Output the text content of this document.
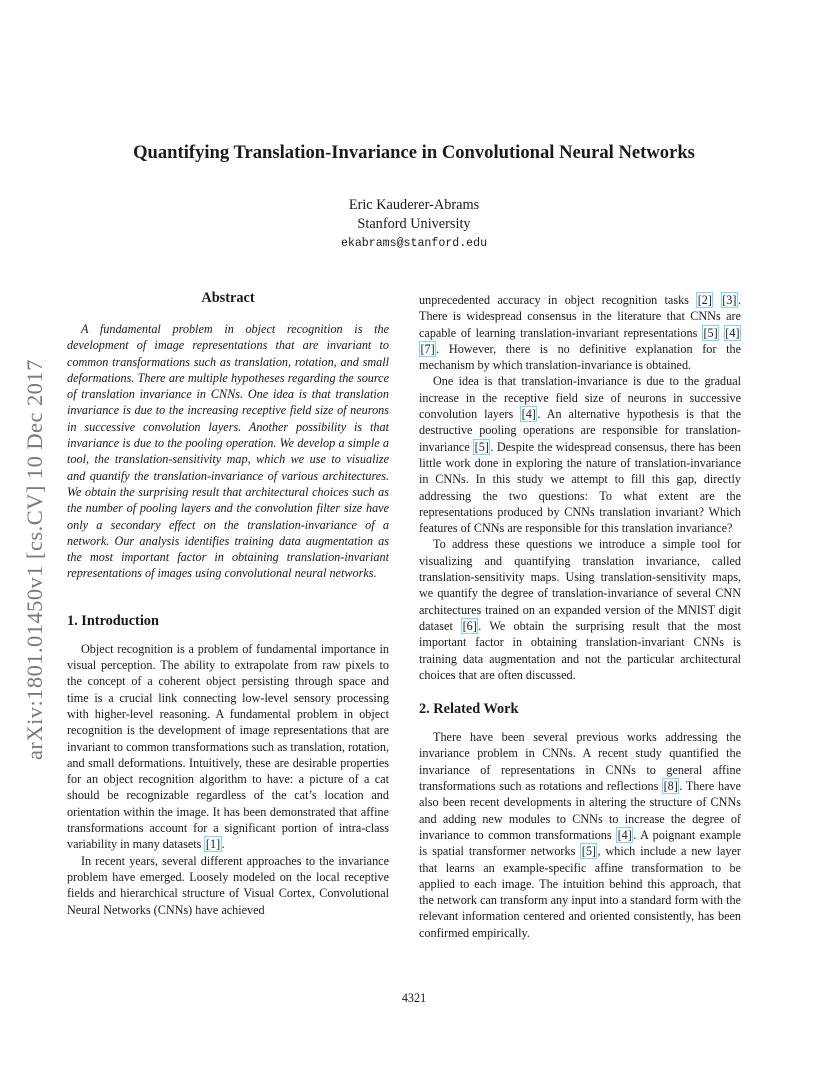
arXiv:1801.01450v1 [cs.CV] 10 Dec 2017
Quantifying Translation-Invariance in Convolutional Neural Networks
Eric Kauderer-Abrams
Stanford University
ekabrams@stanford.edu
Abstract

A fundamental problem in object recognition is the development of image representations that are invariant to common transformations such as translation, rotation, and small deformations. There are multiple hypotheses regarding the source of translation invariance in CNNs. One idea is that translation invariance is due to the increasing receptive field size of neurons in successive convolution layers. Another possibility is that invariance is due to the pooling operation. We develop a simple a tool, the translation-sensitivity map, which we use to visualize and quantify the translation-invariance of various architectures. We obtain the surprising result that architectural choices such as the number of pooling layers and the convolution filter size have only a secondary effect on the translation-invariance of a network. Our analysis identifies training data augmentation as the most important factor in obtaining translation-invariant representations of images using convolutional neural networks.

1. Introduction

Object recognition is a problem of fundamental importance in visual perception. The ability to extrapolate from raw pixels to the concept of a coherent object persisting through space and time is a crucial link connecting low-level sensory processing with higher-level reasoning. A fundamental problem in object recognition is the development of image representations that are invariant to common transformations such as translation, rotation, and small deformations. Intuitively, these are desirable properties for an object recognition algorithm to have: a picture of a cat should be recognizable regardless of the cat’s location and orientation within the image. It has been demonstrated that affine transformations account for a significant portion of intra-class variability in many datasets [1] .

In recent years, several different approaches to the invariance problem have emerged. Loosely modeled on the local receptive fields and hierarchical structure of Visual Cortex, Convolutional Neural Networks (CNNs) have achieved

unprecedented accuracy in object recognition tasks [2] [3] . There is widespread consensus in the literature that CNNs are capable of learning translation-invariant representations [5] [4] [7] . However, there is no definitive explanation for the mechanism by which translation-invariance is obtained.

One idea is that translation-invariance is due to the gradual increase in the receptive field size of neurons in successive convolution layers [4] . An alternative hypothesis is that the destructive pooling operations are responsible for translation-invariance [5] . Despite the widespread consensus, there has been little work done in exploring the nature of translation-invariance in CNNs. In this study we attempt to fill this gap, directly addressing the two questions: To what extent are the representations produced by CNNs translation invariant? Which features of CNNs are responsible for this translation invariance?

To address these questions we introduce a simple tool for visualizing and quantifying translation invariance, called translation-sensitivity maps. Using translation-sensitivity maps, we quantify the degree of translation-invariance of several CNN architectures trained on an expanded version of the MNIST digit dataset [6] . We obtain the surprising result that the most important factor in obtaining translation-invariant CNNs is training data augmentation and not the particular architectural choices that are often discussed.

2. Related Work

There have been several previous works addressing the invariance problem in CNNs. A recent study quantified the invariance of representations in CNNs to general affine transformations such as rotations and reflections [8] . There have also been recent developments in altering the structure of CNNs and adding new modules to CNNs to increase the degree of invariance to common transformations [4] . A poignant example is spatial transformer networks [5] , which include a new layer that learns an example-specific affine transformation to be applied to each image. The intuition behind this approach, that the network can transform any input into a standard form with the relevant information centered and oriented consistently, has been confirmed empirically.

4321
